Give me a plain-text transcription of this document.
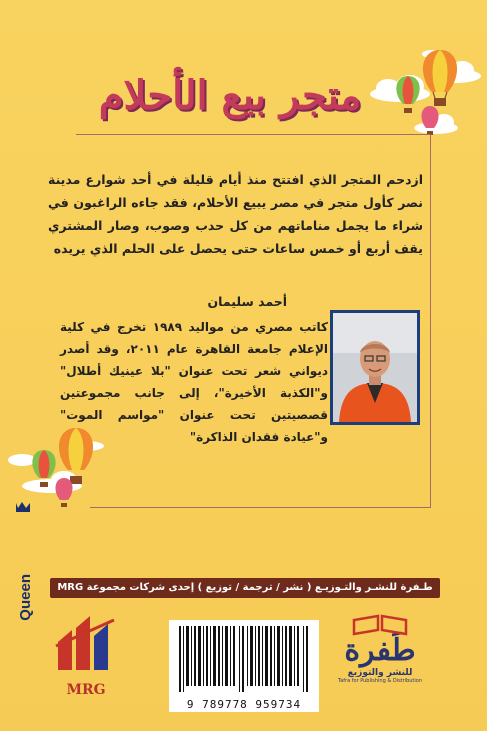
متجر بيع الأحلام

ازدحم المتجر الذي افتتح منذ أيام قليلة في أحد شوارع مدينة نصر كأول متجر في مصر يبيع الأحلام، فقد جاءه الراغبون في شراء ما يجمل مناماتهم من كل حدب وصوب، وصار المشتري يقف أربع أو خمس ساعات حتى يحصل على الحلم الذي يريده

أحمد سليمان

كاتب مصري من مواليد ١٩٨٩ تخرج في كلية الإعلام جامعة القاهرة عام ٢٠١١، وقد أصدر ديواني شعر تحت عنوان "بلا عينيك أطلال" و"الكذبة الأخيرة"، إلى جانب مجموعتين قصصيتين تحت عنوان "مواسم الموت" و"عيادة فقدان الذاكرة"

Queen	طـفرة للنشـر والتـوزيـع ( نشر / ترجمة / توزيع ) إحدى شركات مجموعة MRG
MRG
9 789778 959734
طَفرة
للنشر والتوزيع
Tafra for Publishing & Distribution
